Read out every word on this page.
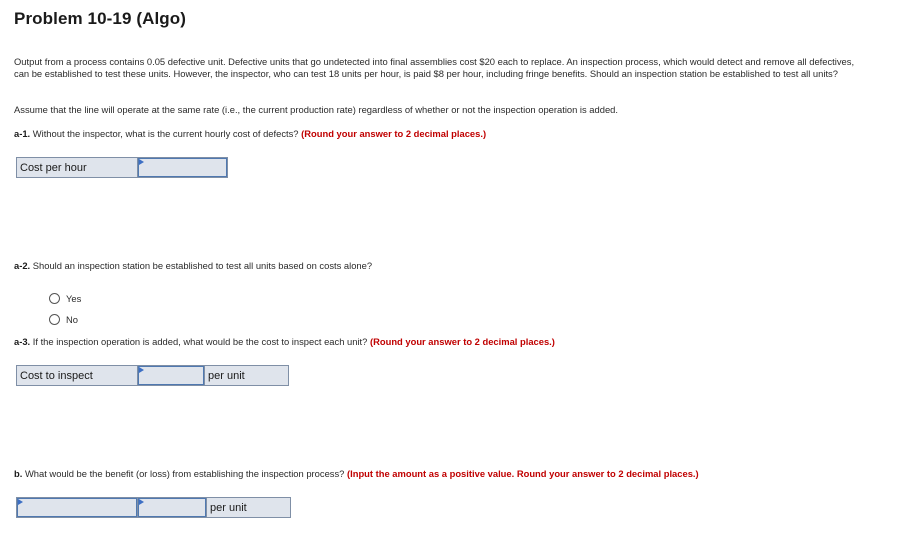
Problem 10-19 (Algo)
Output from a process contains 0.05 defective unit. Defective units that go undetected into final assemblies cost $20 each to replace. An inspection process, which would detect and remove all defectives, can be established to test these units. However, the inspector, who can test 18 units per hour, is paid $8 per hour, including fringe benefits. Should an inspection station be established to test all units?
Assume that the line will operate at the same rate (i.e., the current production rate) regardless of whether or not the inspection operation is added.
a-1. Without the inspector, what is the current hourly cost of defects? (Round your answer to 2 decimal places.)
Cost per hour	
a-2. Should an inspection station be established to test all units based on costs alone?
Yes
No
a-3. If the inspection operation is added, what would be the cost to inspect each unit? (Round your answer to 2 decimal places.)
Cost to inspect		per unit
b. What would be the benefit (or loss) from establishing the inspection process? (Input the amount as a positive value. Round your answer to 2 decimal places.)

	per unit
